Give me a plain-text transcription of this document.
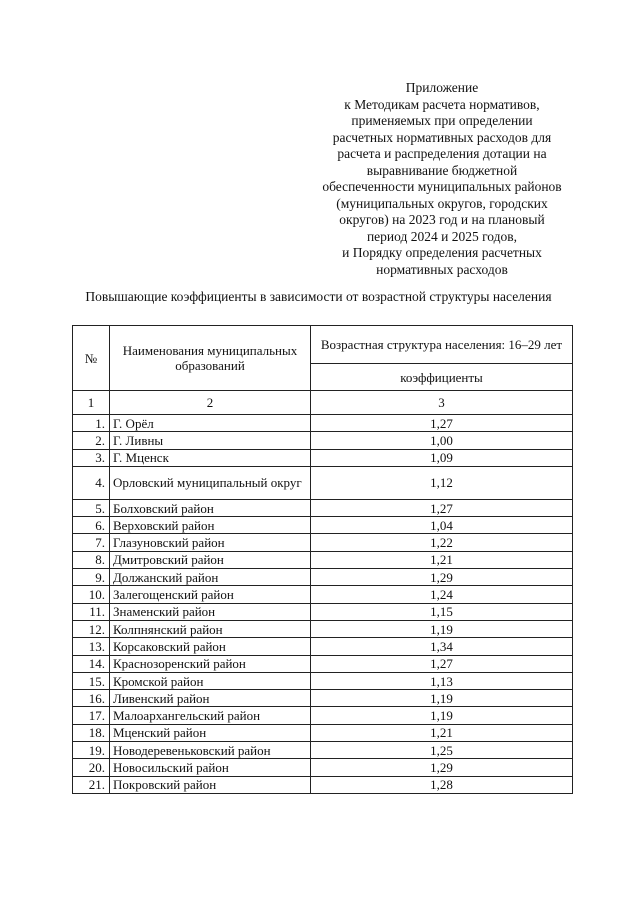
Приложение
к Методикам расчета нормативов,
применяемых при определении
расчетных нормативных расходов для
расчета и распределения дотации на
выравнивание бюджетной
обеспеченности муниципальных районов
(муниципальных округов, городских
округов) на 2023 год и на плановый
период 2024 и 2025 годов,
и Порядку определения расчетных
нормативных расходов
Повышающие коэффициенты в зависимости от возрастной структуры населения
№	Наименования муниципальных образований	Возрастная структура населения: 16–29 лет
		коэффициенты
1	2	3
1.	Г. Орёл	1,27
2.	Г. Ливны	1,00
3.	Г. Мценск	1,09
4.	Орловский муниципальный округ	1,12
5.	Болховский район	1,27
6.	Верховский район	1,04
7.	Глазуновский район	1,22
8.	Дмитровский район	1,21
9.	Должанский район	1,29
10.	Залегощенский район	1,24
11.	Знаменский район	1,15
12.	Колпнянский район	1,19
13.	Корсаковский район	1,34
14.	Краснозоренский район	1,27
15.	Кромской район	1,13
16.	Ливенский район	1,19
17.	Малоархангельский район	1,19
18.	Мценский район	1,21
19.	Новодеревеньковский район	1,25
20.	Новосильский район	1,29
21.	Покровский район	1,28
